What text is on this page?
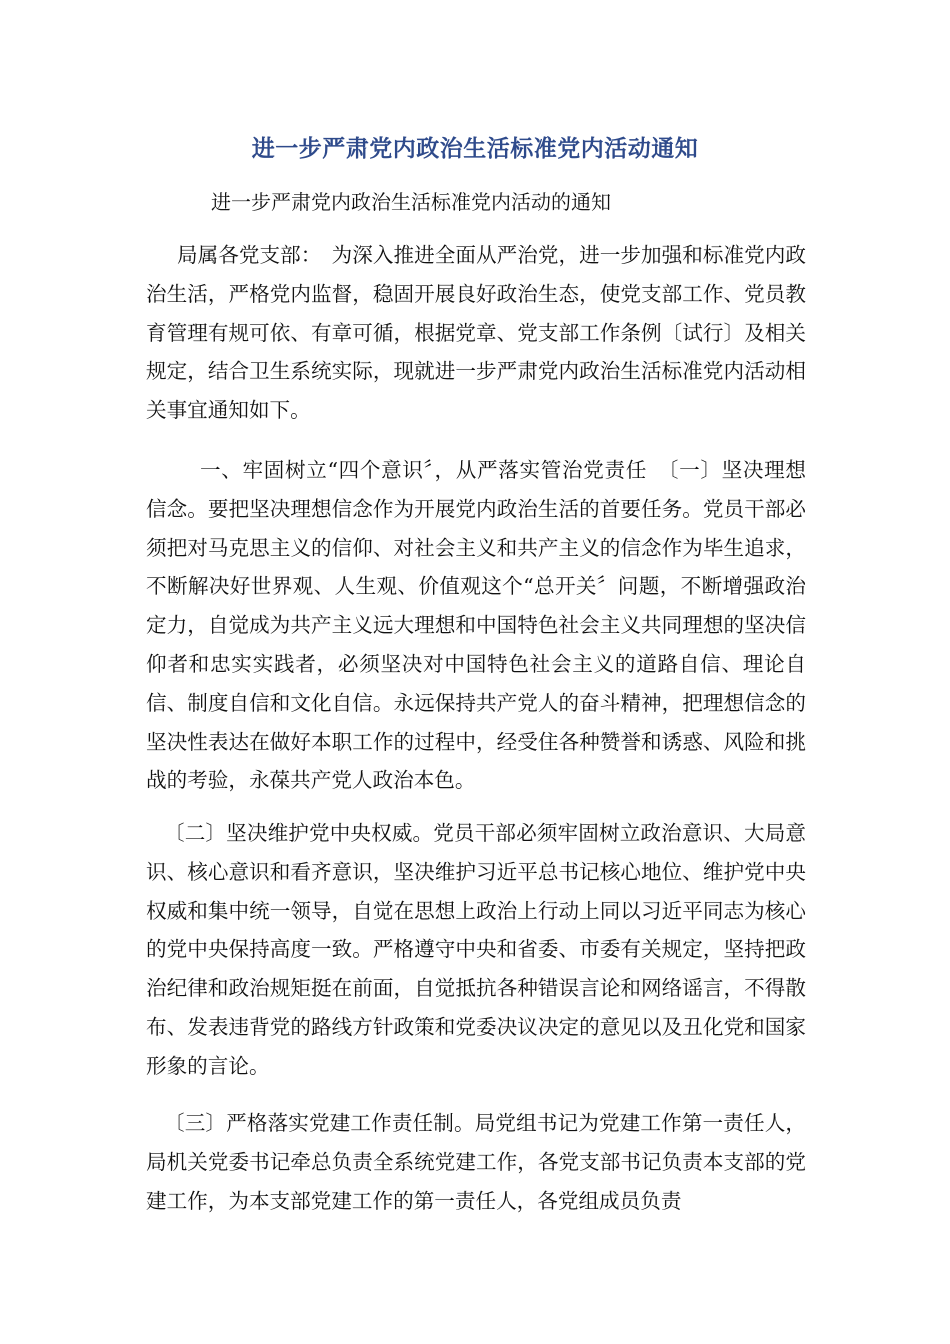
进一步严肃党内政治生活标准党内活动通知
进一步严肃党内政治生活标准党内活动的通知

局属各党支部：　为深入推进全面从严治党，进一步加强和标准党内政治生活，严格党内监督，稳固开展良好政治生态，使党支部工作、党员教育管理有规可依、有章可循，根据党章、党支部工作条例〔试行〕及相关规定，结合卫生系统实际，现就进一步严肃党内政治生活标准党内活动相关事宜通知如下。

一、牢固树立“四个意识〞，从严落实管治党责任　〔一〕坚决理想信念。要把坚决理想信念作为开展党内政治生活的首要任务。党员干部必须把对马克思主义的信仰、对社会主义和共产主义的信念作为毕生追求，不断解决好世界观、人生观、价值观这个“总开关〞问题，不断增强政治定力，自觉成为共产主义远大理想和中国特色社会主义共同理想的坚决信仰者和忠实实践者，必须坚决对中国特色社会主义的道路自信、理论自信、制度自信和文化自信。永远保持共产党人的奋斗精神，把理想信念的坚决性表达在做好本职工作的过程中，经受住各种赞誉和诱惑、风险和挑战的考验，永葆共产党人政治本色。

〔二〕坚决维护党中央权威。党员干部必须牢固树立政治意识、大局意识、核心意识和看齐意识，坚决维护习近平总书记核心地位、维护党中央权威和集中统一领导，自觉在思想上政治上行动上同以习近平同志为核心的党中央保持高度一致。严格遵守中央和省委、市委有关规定，坚持把政治纪律和政治规矩挺在前面，自觉抵抗各种错误言论和网络谣言，不得散布、发表违背党的路线方针政策和党委决议决定的意见以及丑化党和国家形象的言论。

〔三〕严格落实党建工作责任制。局党组书记为党建工作第一责任人，局机关党委书记牵总负责全系统党建工作，各党支部书记负责本支部的党建工作，为本支部党建工作的第一责任人，各党组成员负责
